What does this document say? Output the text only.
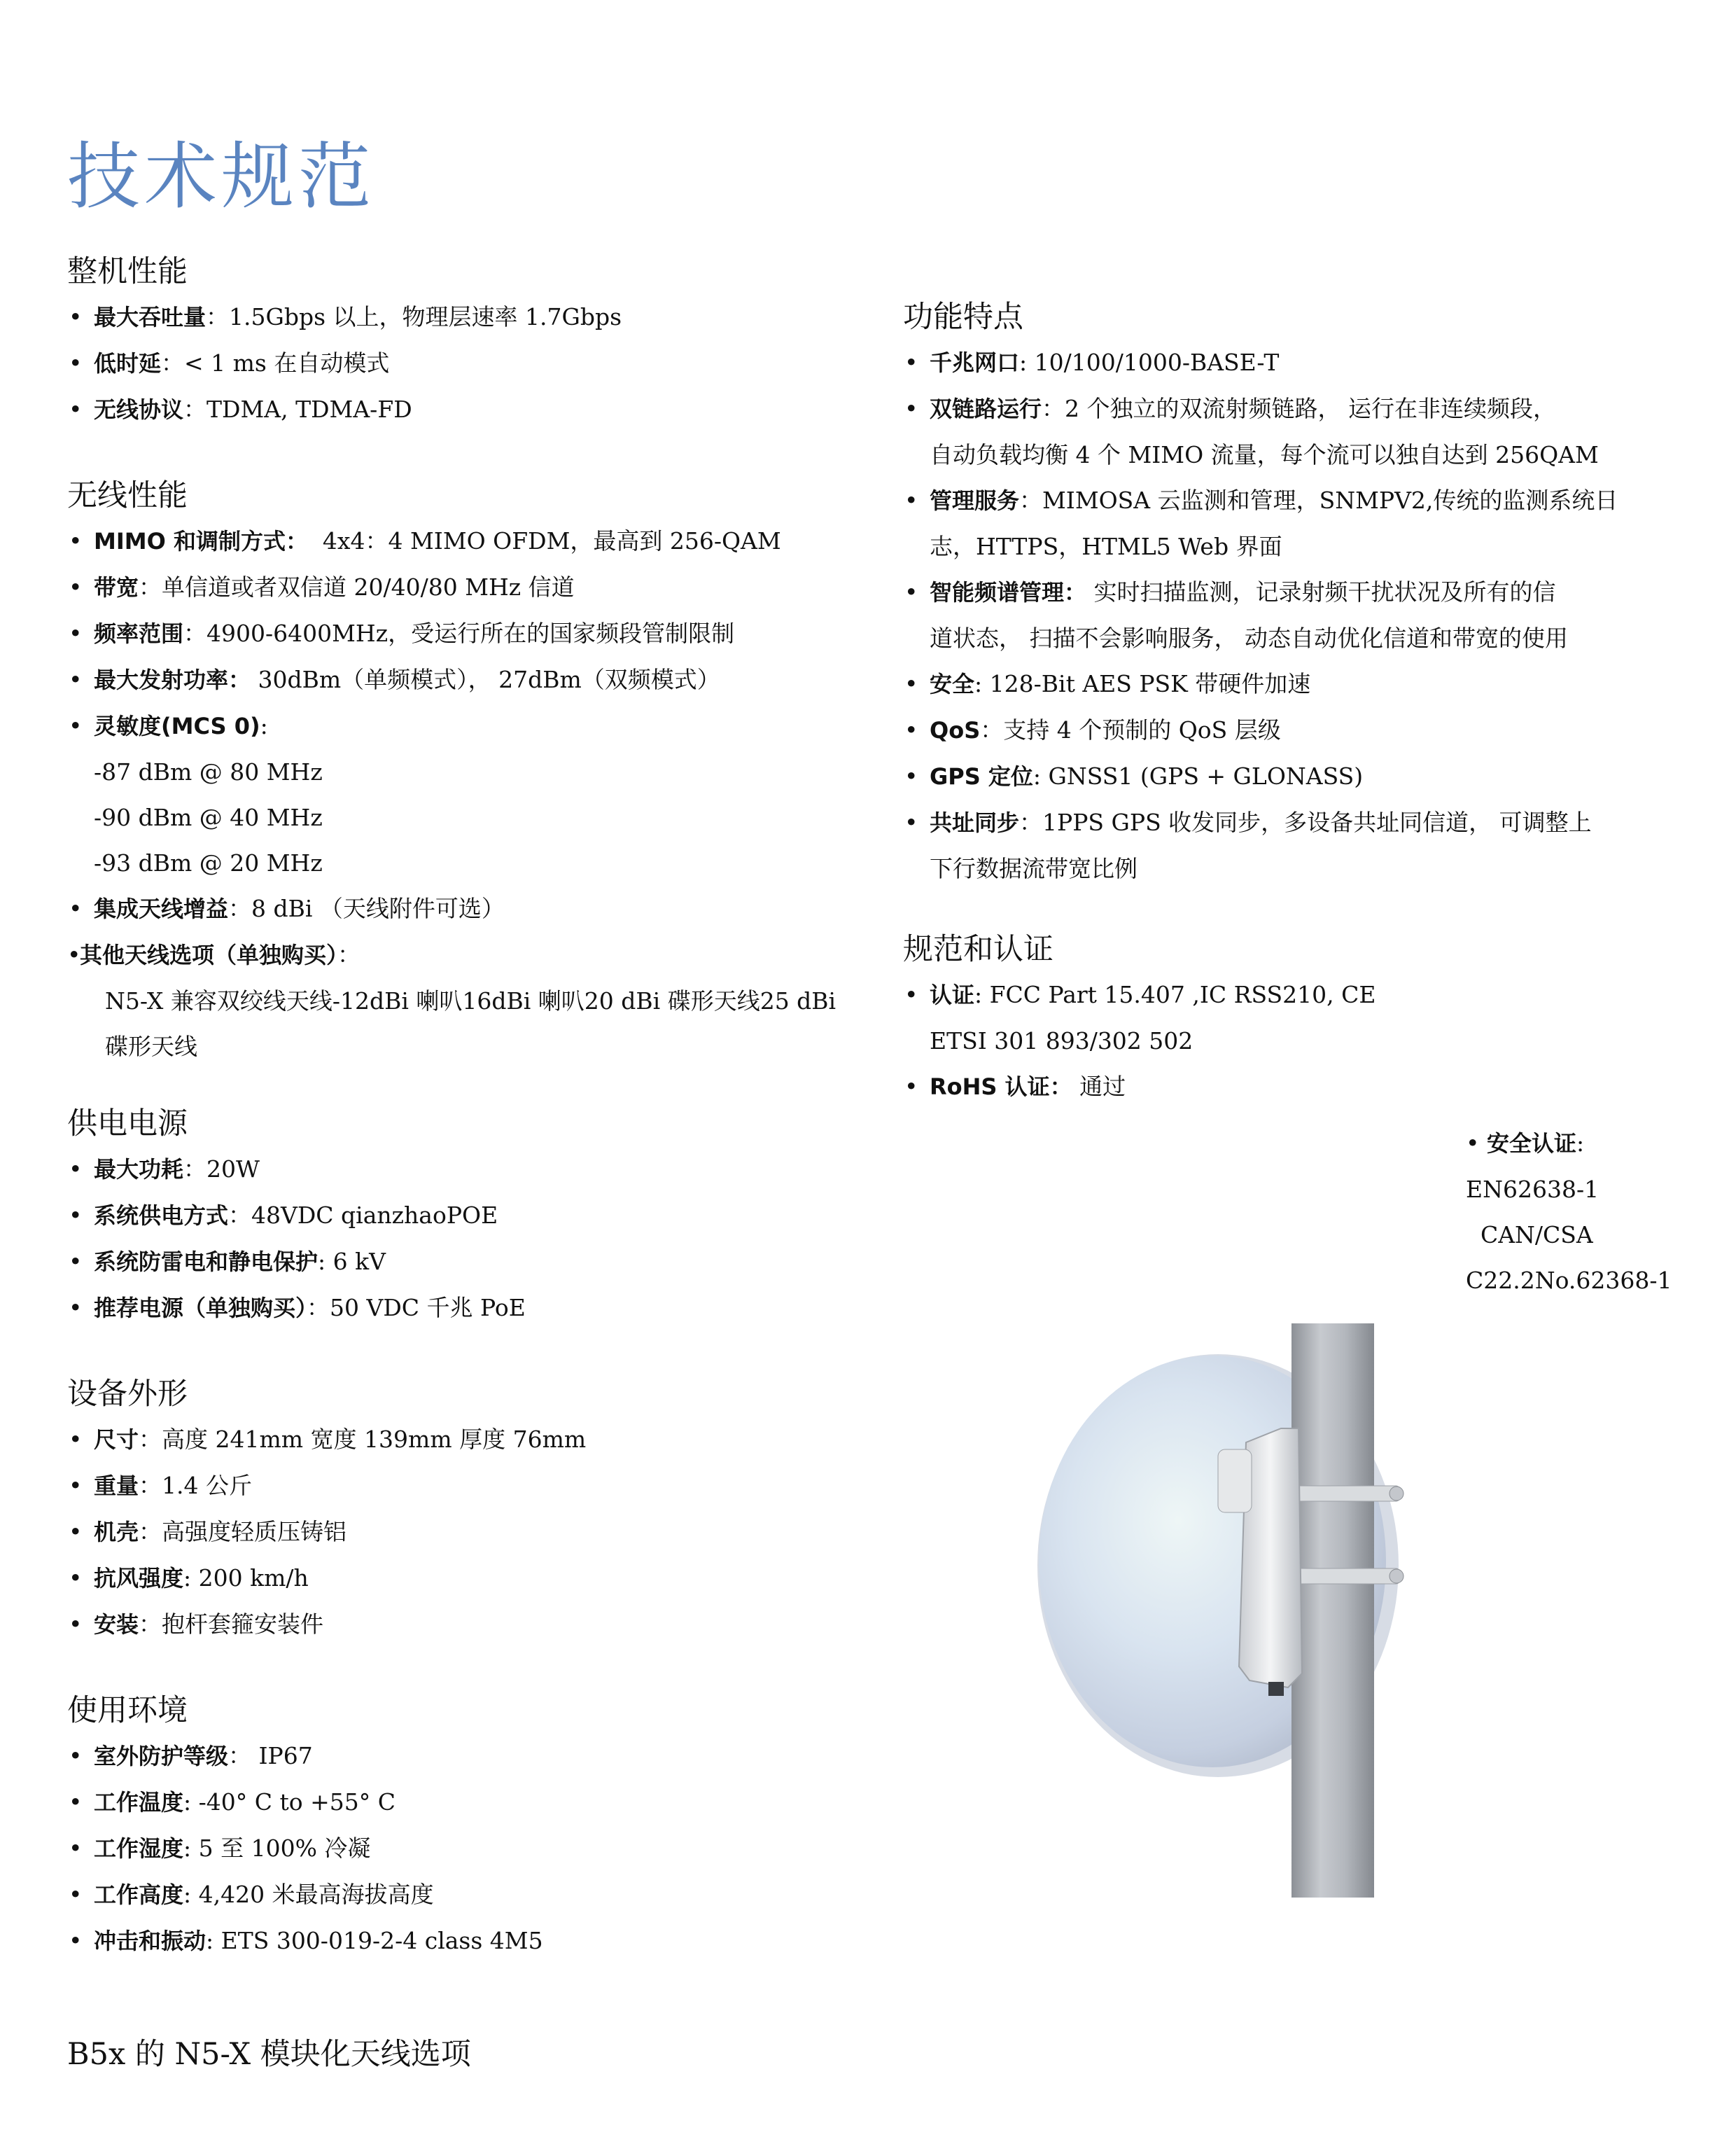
技术规范
整机性能
• 最大吞吐量：1.5Gbps 以上，物理层速率 1.7Gbps
• 低时延：< 1 ms 在自动模式
• 无线协议：TDMA, TDMA-FD
无线性能
• MIMO 和调制方式：  4x4：4 MIMO OFDM，最高到 256-QAM
• 带宽：单信道或者双信道 20/40/80 MHz 信道
• 频率范围：4900-6400MHz，受运行所在的国家频段管制限制
• 最大发射功率： 30dBm（单频模式）， 27dBm（双频模式）
• 灵敏度(MCS 0):
-87 dBm @ 80 MHz
-90 dBm @ 40 MHz
-93 dBm @ 20 MHz
• 集成天线增益：8 dBi （天线附件可选）
• 其他天线选项（单独购买）：
N5-X 兼容双绞线天线-12dBi 喇叭16dBi 喇叭20 dBi 碟形天线25 dBi
碟形天线
供电电源
• 最大功耗：20W
• 系统供电方式：48VDC qianzhaoPOE
• 系统防雷电和静电保护: 6 kV
• 推荐电源（单独购买）：50 VDC 千兆 PoE
设备外形
• 尺寸：高度 241mm 宽度 139mm 厚度 76mm
• 重量：1.4 公斤
• 机壳：高强度轻质压铸铝
• 抗风强度: 200 km/h
• 安装：抱杆套箍安装件
使用环境
• 室外防护等级： IP67
• 工作温度: -40° C to +55° C
• 工作湿度: 5 至 100% 冷凝
• 工作高度: 4,420 米最高海拔高度
• 冲击和振动: ETS 300-019-2-4 class 4M5
功能特点
• 千兆网口: 10/100/1000-BASE-T
• 双链路运行：2 个独立的双流射频链路， 运行在非连续频段，
自动负载均衡 4 个 MIMO 流量，每个流可以独自达到 256QAM
• 管理服务：MIMOSA 云监测和管理，SNMPV2,传统的监测系统日
志，HTTPS，HTML5 Web 界面
• 智能频谱管理： 实时扫描监测，记录射频干扰状况及所有的信
道状态， 扫描不会影响服务， 动态自动优化信道和带宽的使用
• 安全: 128-Bit AES PSK 带硬件加速
• QoS：支持 4 个预制的 QoS 层级
• GPS 定位: GNSS1 (GPS + GLONASS)
• 共址同步：1PPS GPS 收发同步，多设备共址同信道， 可调整上
下行数据流带宽比例
规范和认证
• 认证: FCC Part 15.407 ,IC RSS210, CE
ETSI 301 893/302 502
• RoHS 认证： 通过
• 安全认证:
EN62638-1
CAN/CSA
C22.2No.62368-1
B5x 的 N5-X 模块化天线选项
